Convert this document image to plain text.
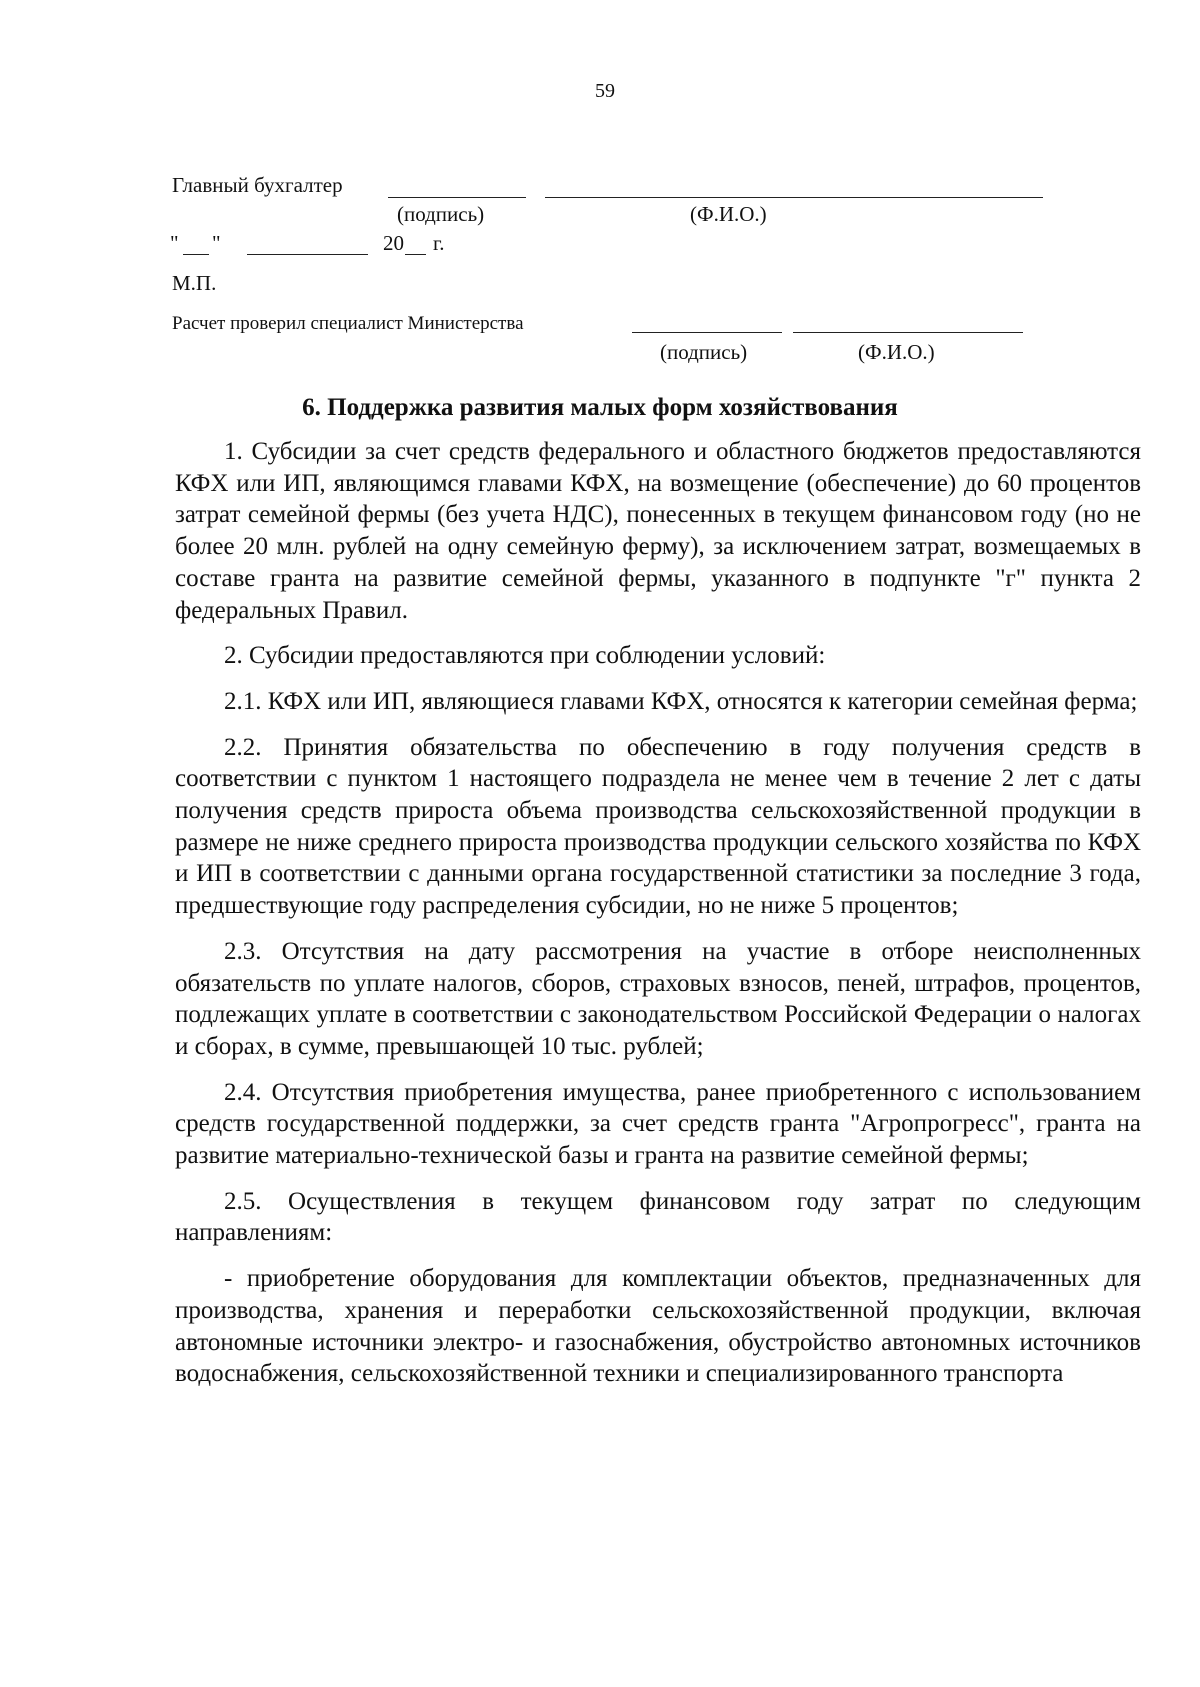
59
Главный бухгалтер
(подпись)	(Ф.И.О.)
" "	20 г.
М.П.
Расчет проверил специалист Министерства
(подпись)	(Ф.И.О.)
6. Поддержка развития малых форм хозяйствования

1. Субсидии за счет средств федерального и областного бюджетов предоставляются КФХ или ИП, являющимся главами КФХ, на возмещение (обеспечение) до 60 процентов затрат семейной фермы (без учета НДС), понесенных в текущем финансовом году (но не более 20 млн. рублей на одну семейную ферму), за исключением затрат, возмещаемых в составе гранта на развитие семейной фермы, указанного в подпункте "г" пункта 2 федеральных Правил.

2. Субсидии предоставляются при соблюдении условий:

2.1. КФХ или ИП, являющиеся главами КФХ, относятся к категории семейная ферма;

2.2. Принятия обязательства по обеспечению в году получения средств в соответствии с пунктом 1 настоящего подраздела не менее чем в течение 2 лет с даты получения средств прироста объема производства сельскохозяйственной продукции в размере не ниже среднего прироста производства продукции сельского хозяйства по КФХ и ИП в соответствии с данными органа государственной статистики за последние 3 года, предшествующие году распределения субсидии, но не ниже 5 процентов;

2.3. Отсутствия на дату рассмотрения на участие в отборе неисполненных обязательств по уплате налогов, сборов, страховых взносов, пеней, штрафов, процентов, подлежащих уплате в соответствии с законодательством Российской Федерации о налогах и сборах, в сумме, превышающей 10 тыс. рублей;

2.4. Отсутствия приобретения имущества, ранее приобретенного с использованием средств государственной поддержки, за счет средств гранта "Агропрогресс", гранта на развитие материально-технической базы и гранта на развитие семейной фермы;

2.5. Осуществления в текущем финансовом году затрат по следующим направлениям:

- приобретение оборудования для комплектации объектов, предназначенных для производства, хранения и переработки сельскохозяйственной продукции, включая автономные источники электро- и газоснабжения, обустройство автономных источников водоснабжения, сельскохозяйственной техники и специализированного транспорта
